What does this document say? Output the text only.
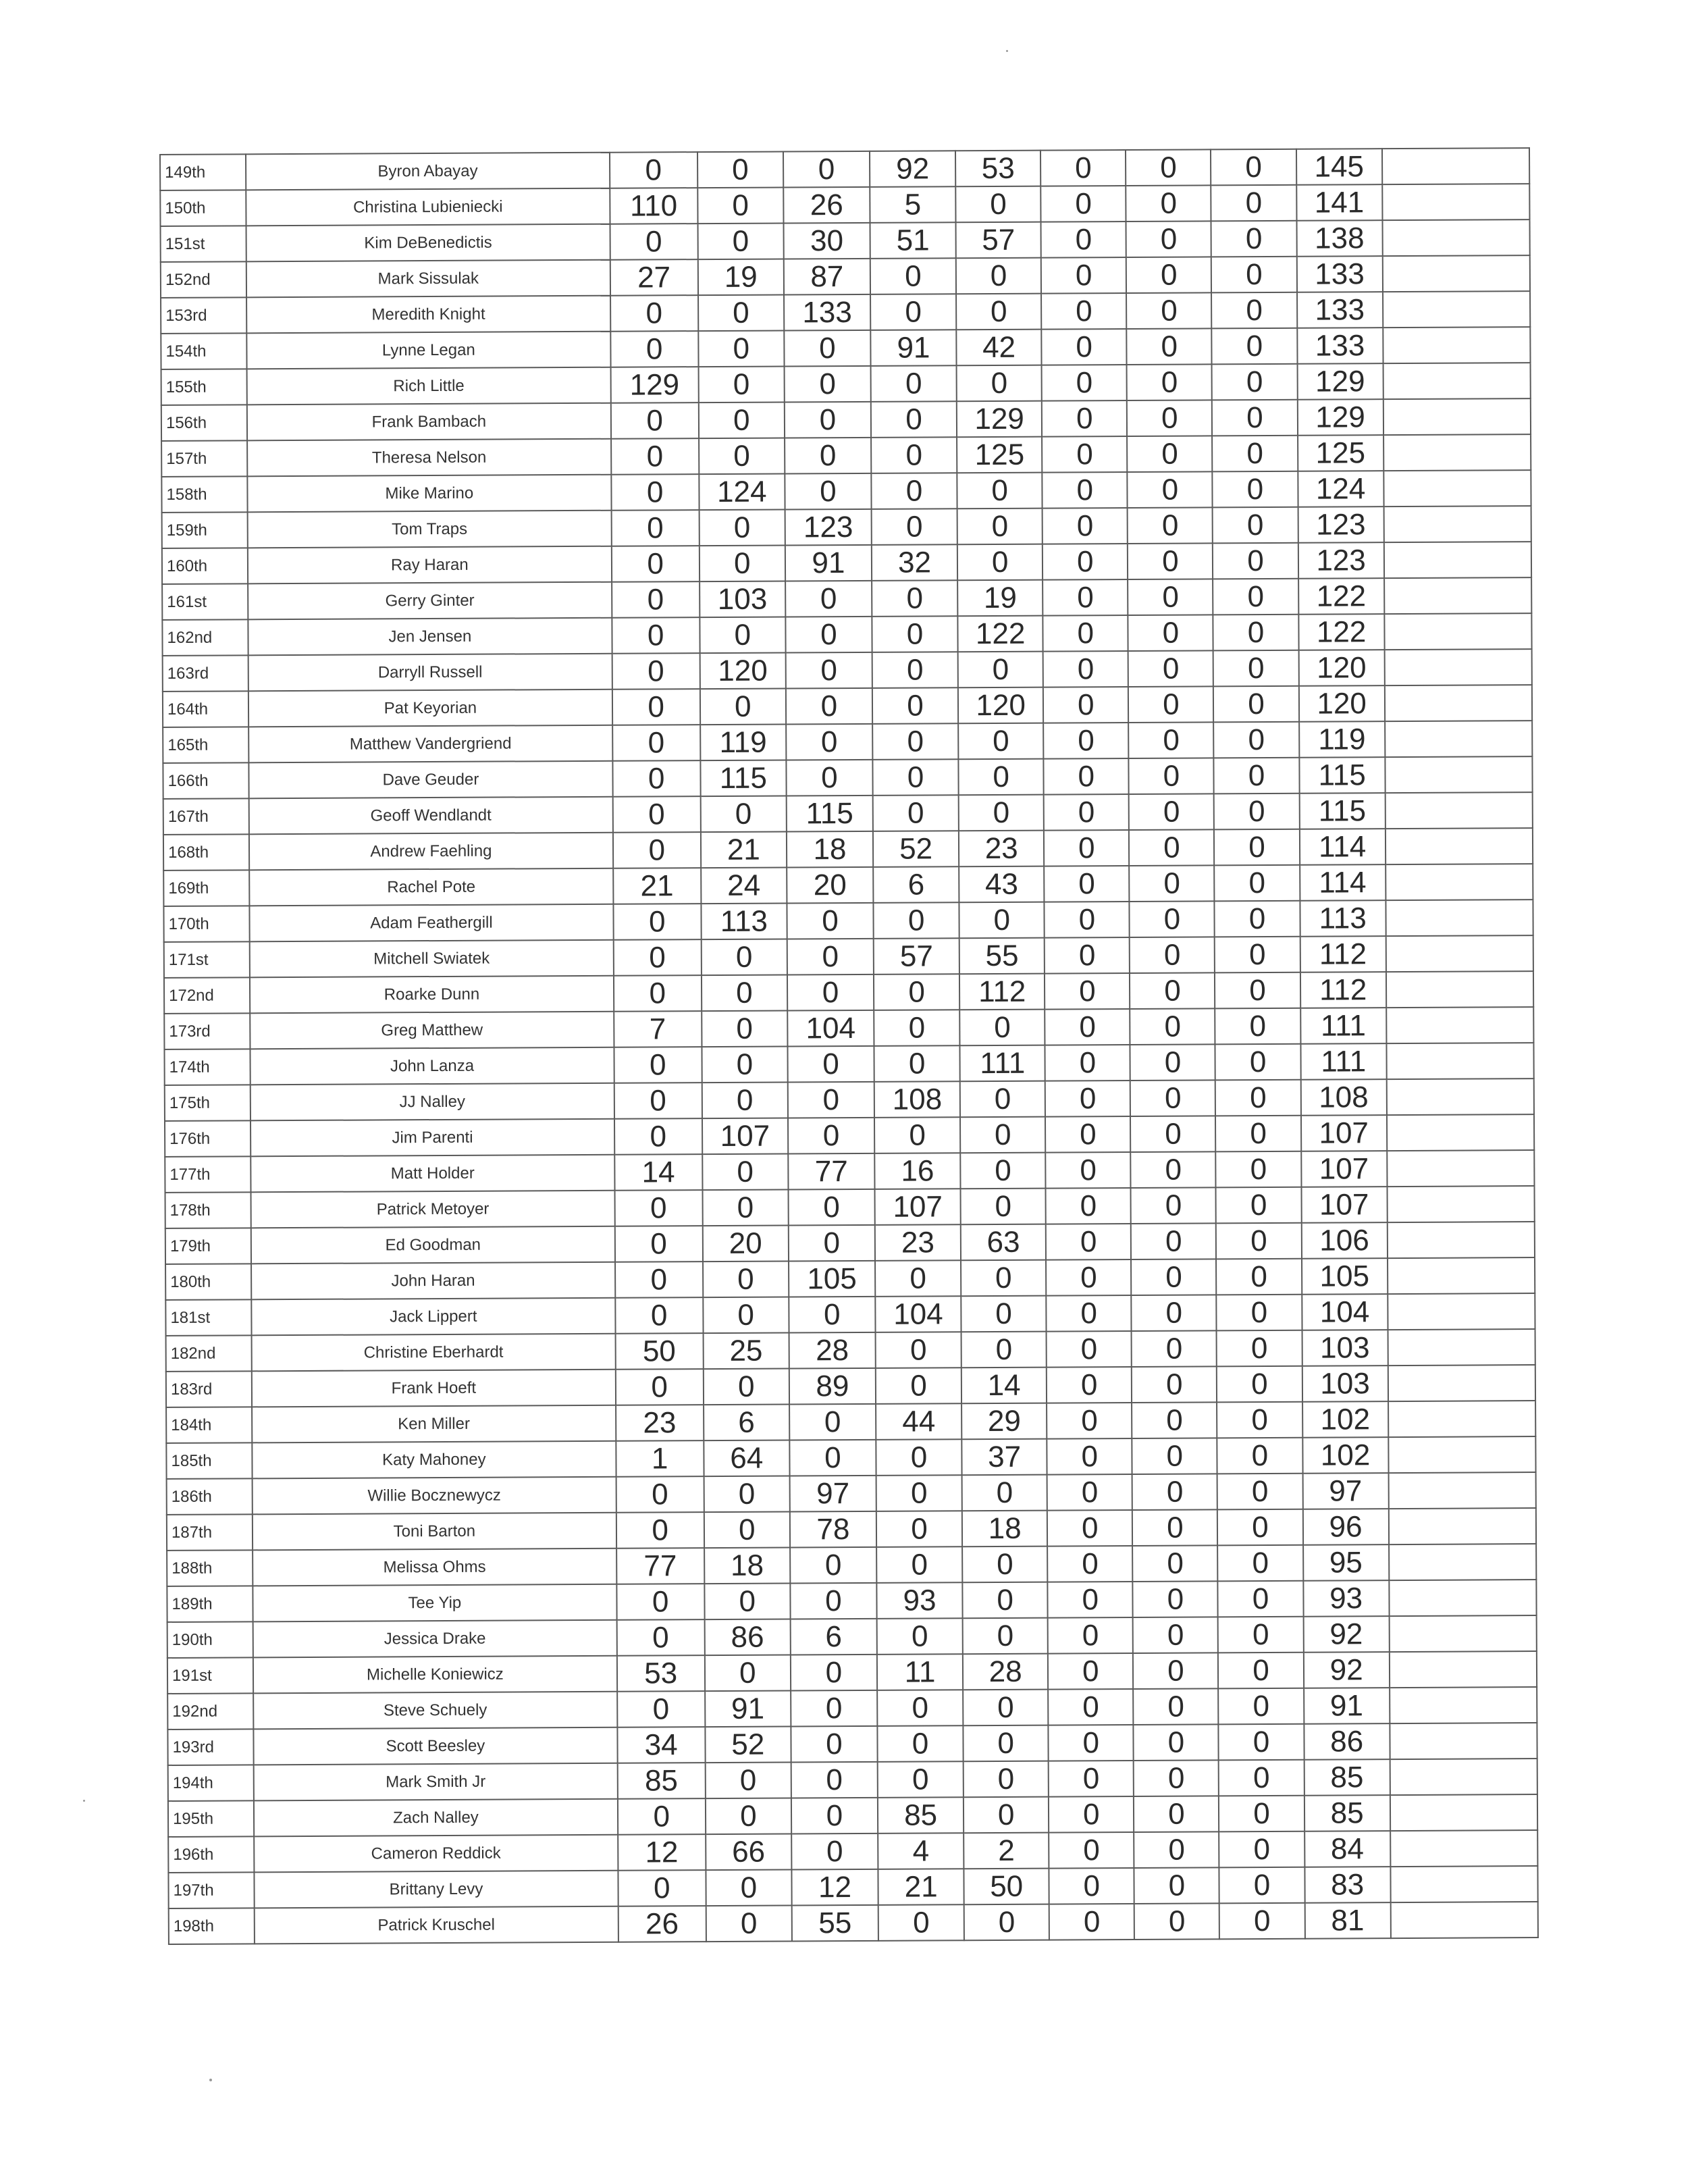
149th	Byron Abayay	0	0	0	92	53	0	0	0	145	
150th	Christina Lubieniecki	110	0	26	5	0	0	0	0	141	
151st	Kim DeBenedictis	0	0	30	51	57	0	0	0	138	
152nd	Mark Sissulak	27	19	87	0	0	0	0	0	133	
153rd	Meredith Knight	0	0	133	0	0	0	0	0	133	
154th	Lynne Legan	0	0	0	91	42	0	0	0	133	
155th	Rich Little	129	0	0	0	0	0	0	0	129	
156th	Frank Bambach	0	0	0	0	129	0	0	0	129	
157th	Theresa Nelson	0	0	0	0	125	0	0	0	125	
158th	Mike Marino	0	124	0	0	0	0	0	0	124	
159th	Tom Traps	0	0	123	0	0	0	0	0	123	
160th	Ray Haran	0	0	91	32	0	0	0	0	123	
161st	Gerry Ginter	0	103	0	0	19	0	0	0	122	
162nd	Jen Jensen	0	0	0	0	122	0	0	0	122	
163rd	Darryll Russell	0	120	0	0	0	0	0	0	120	
164th	Pat Keyorian	0	0	0	0	120	0	0	0	120	
165th	Matthew Vandergriend	0	119	0	0	0	0	0	0	119	
166th	Dave Geuder	0	115	0	0	0	0	0	0	115	
167th	Geoff Wendlandt	0	0	115	0	0	0	0	0	115	
168th	Andrew Faehling	0	21	18	52	23	0	0	0	114	
169th	Rachel Pote	21	24	20	6	43	0	0	0	114	
170th	Adam Feathergill	0	113	0	0	0	0	0	0	113	
171st	Mitchell Swiatek	0	0	0	57	55	0	0	0	112	
172nd	Roarke Dunn	0	0	0	0	112	0	0	0	112	
173rd	Greg Matthew	7	0	104	0	0	0	0	0	111	
174th	John Lanza	0	0	0	0	111	0	0	0	111	
175th	JJ Nalley	0	0	0	108	0	0	0	0	108	
176th	Jim Parenti	0	107	0	0	0	0	0	0	107	
177th	Matt Holder	14	0	77	16	0	0	0	0	107	
178th	Patrick Metoyer	0	0	0	107	0	0	0	0	107	
179th	Ed Goodman	0	20	0	23	63	0	0	0	106	
180th	John Haran	0	0	105	0	0	0	0	0	105	
181st	Jack Lippert	0	0	0	104	0	0	0	0	104	
182nd	Christine Eberhardt	50	25	28	0	0	0	0	0	103	
183rd	Frank Hoeft	0	0	89	0	14	0	0	0	103	
184th	Ken Miller	23	6	0	44	29	0	0	0	102	
185th	Katy Mahoney	1	64	0	0	37	0	0	0	102	
186th	Willie Bocznewycz	0	0	97	0	0	0	0	0	97	
187th	Toni Barton	0	0	78	0	18	0	0	0	96	
188th	Melissa Ohms	77	18	0	0	0	0	0	0	95	
189th	Tee Yip	0	0	0	93	0	0	0	0	93	
190th	Jessica Drake	0	86	6	0	0	0	0	0	92	
191st	Michelle Koniewicz	53	0	0	11	28	0	0	0	92	
192nd	Steve Schuely	0	91	0	0	0	0	0	0	91	
193rd	Scott Beesley	34	52	0	0	0	0	0	0	86	
194th	Mark Smith Jr	85	0	0	0	0	0	0	0	85	
195th	Zach Nalley	0	0	0	85	0	0	0	0	85	
196th	Cameron Reddick	12	66	0	4	2	0	0	0	84	
197th	Brittany Levy	0	0	12	21	50	0	0	0	83	
198th	Patrick Kruschel	26	0	55	0	0	0	0	0	81	
